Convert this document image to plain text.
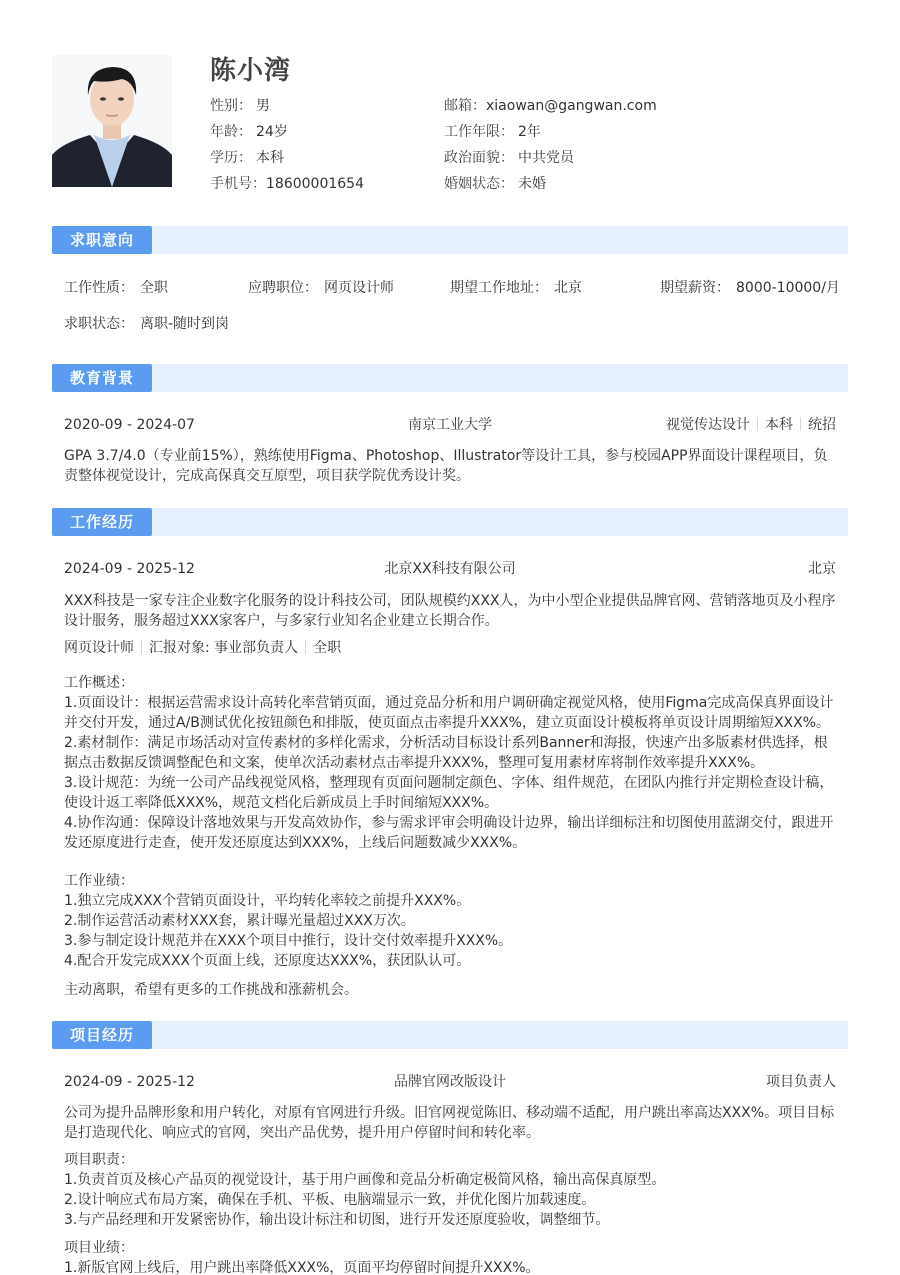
陈小湾
性别： 男
年龄： 24岁
学历： 本科
手机号：18600001654
邮箱：xiaowan@gangwan.com
工作年限： 2年
政治面貌： 中共党员
婚姻状态： 未婚
求职意向
工作性质： 全职	应聘职位： 网页设计师	期望工作地址： 北京	期望薪资： 8000-10000/月
求职状态： 离职-随时到岗
教育背景
2020-09 - 2024-07	南京工业大学	视觉传达设计 本科 统招
GPA 3.7/4.0（专业前15%），熟练使用Figma、Photoshop、Illustrator等设计工具，参与校园APP界面设计课程项目，负责整体视觉设计，完成高保真交互原型，项目获学院优秀设计奖。
工作经历
2024-09 - 2025-12	北京XX科技有限公司	北京
XXX科技是一家专注企业数字化服务的设计科技公司，团队规模约XXX人，为中小型企业提供品牌官网、营销落地页及小程序设计服务，服务超过XXX家客户，与多家行业知名企业建立长期合作。
网页设计师 汇报对象: 事业部负责人 全职
工作概述：
1.页面设计：根据运营需求设计高转化率营销页面，通过竞品分析和用户调研确定视觉风格，使用Figma完成高保真界面设计并交付开发，通过A/B测试优化按钮颜色和排版，使页面点击率提升XXX%，建立页面设计模板将单页设计周期缩短XXX%。
2.素材制作：满足市场活动对宣传素材的多样化需求，分析活动目标设计系列Banner和海报，快速产出多版素材供选择，根据点击数据反馈调整配色和文案，使单次活动素材点击率提升XXX%，整理可复用素材库将制作效率提升XXX%。
3.设计规范：为统一公司产品线视觉风格，整理现有页面问题制定颜色、字体、组件规范，在团队内推行并定期检查设计稿，使设计返工率降低XXX%，规范文档化后新成员上手时间缩短XXX%。
4.协作沟通：保障设计落地效果与开发高效协作，参与需求评审会明确设计边界，输出详细标注和切图使用蓝湖交付，跟进开发还原度进行走查，使开发还原度达到XXX%，上线后问题数减少XXX%。
工作业绩：
1.独立完成XXX个营销页面设计，平均转化率较之前提升XXX%。
2.制作运营活动素材XXX套，累计曝光量超过XXX万次。
3.参与制定设计规范并在XXX个项目中推行，设计交付效率提升XXX%。
4.配合开发完成XXX个页面上线，还原度达XXX%，获团队认可。
主动离职，希望有更多的工作挑战和涨薪机会。
项目经历
2024-09 - 2025-12	品牌官网改版设计	项目负责人
公司为提升品牌形象和用户转化，对原有官网进行升级。旧官网视觉陈旧、移动端不适配，用户跳出率高达XXX%。项目目标是打造现代化、响应式的官网，突出产品优势，提升用户停留时间和转化率。
项目职责：
1.负责首页及核心产品页的视觉设计，基于用户画像和竞品分析确定极简风格，输出高保真原型。
2.设计响应式布局方案，确保在手机、平板、电脑端显示一致，并优化图片加载速度。
3.与产品经理和开发紧密协作，输出设计标注和切图，进行开发还原度验收，调整细节。
项目业绩：
1.新版官网上线后，用户跳出率降低XXX%，页面平均停留时间提升XXX%。
